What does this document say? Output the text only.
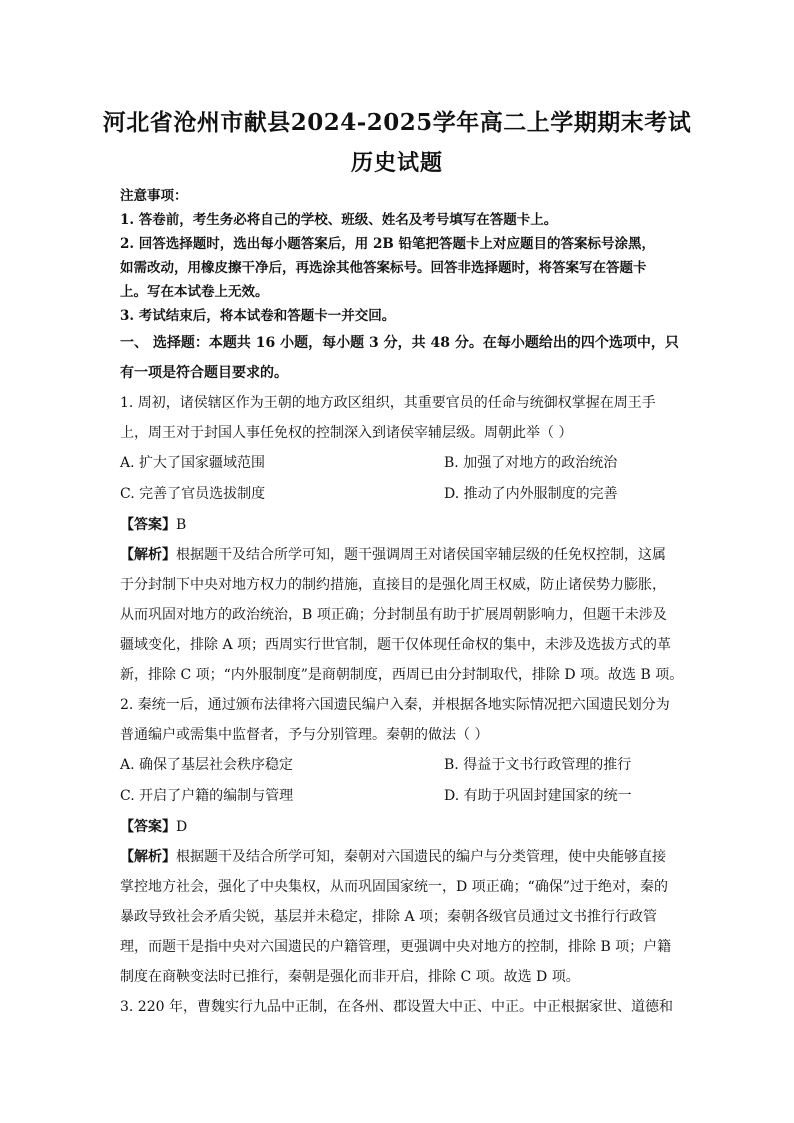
河北省沧州市献县2024-2025学年高二上学期期末考试
历史试题
注意事项：
1. 答卷前，考生务必将自己的学校、班级、姓名及考号填写在答题卡上。
2. 回答选择题时，选出每小题答案后，用 2B 铅笔把答题卡上对应题目的答案标号涂黑，
如需改动，用橡皮擦干净后，再选涂其他答案标号。回答非选择题时，将答案写在答题卡
上。写在本试卷上无效。
3. 考试结束后，将本试卷和答题卡一并交回。
一、 选择题：本题共 16 小题，每小题 3 分，共 48 分。在每小题给出的四个选项中，只
有一项是符合题目要求的。
1. 周初，诸侯辖区作为王朝的地方政区组织，其重要官员的任命与统御权掌握在周王手
上，周王对于封国人事任免权的控制深入到诸侯宰辅层级。周朝此举（ ）
A. 扩大了国家疆域范围	B. 加强了对地方的政治统治
C. 完善了官员选拔制度	D. 推动了内外服制度的完善
【答案】B
【解析】根据题干及结合所学可知，题干强调周王对诸侯国宰辅层级的任免权控制，这属
于分封制下中央对地方权力的制约措施，直接目的是强化周王权威，防止诸侯势力膨胀，
从而巩固对地方的政治统治，B 项正确；分封制虽有助于扩展周朝影响力，但题干未涉及
疆域变化，排除 A 项；西周实行世官制，题干仅体现任命权的集中，未涉及选拔方式的革
新，排除 C 项；“内外服制度”是商朝制度，西周已由分封制取代，排除 D 项。故选 B 项。
2. 秦统一后，通过颁布法律将六国遗民编户入秦，并根据各地实际情况把六国遗民划分为
普通编户或需集中监督者，予与分别管理。秦朝的做法（ ）
A. 确保了基层社会秩序稳定	B. 得益于文书行政管理的推行
C. 开启了户籍的编制与管理	D. 有助于巩固封建国家的统一
【答案】D
【解析】根据题干及结合所学可知，秦朝对六国遗民的编户与分类管理，使中央能够直接
掌控地方社会，强化了中央集权，从而巩固国家统一，D 项正确；“确保”过于绝对，秦的
暴政导致社会矛盾尖锐，基层并未稳定，排除 A 项；秦朝各级官员通过文书推行行政管
理，而题干是指中央对六国遗民的户籍管理，更强调中央对地方的控制，排除 B 项；户籍
制度在商鞅变法时已推行，秦朝是强化而非开启，排除 C 项。故选 D 项。
3. 220 年，曹魏实行九品中正制，在各州、郡设置大中正、中正。中正根据家世、道德和
